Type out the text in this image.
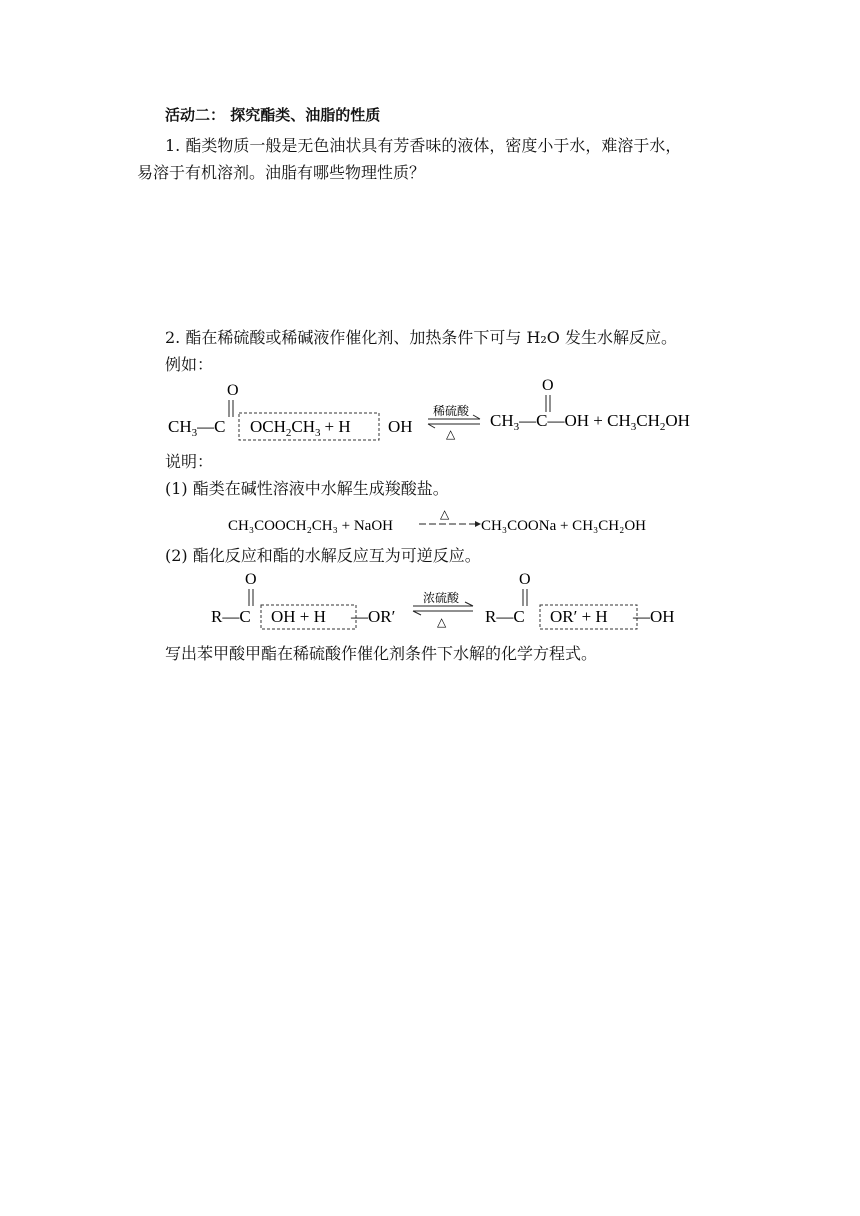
活动二： 探究酯类、油脂的性质
1. 酯类物质一般是无色油状具有芳香味的液体，密度小于水，难溶于水，
易溶于有机溶剂。油脂有哪些物理性质？
2. 酯在稀硫酸或稀碱液作催化剂、加热条件下可与 H₂O 发生水解反应。
例如：
O
$CH_3—C$ $OCH_2CH_3 + H$ OH
稀硫酸
△
O
$CH_3—C—OH + CH_3CH_2OH$
说明：
(1) 酯类在碱性溶液中水解生成羧酸盐。
CH₃COOCH₂CH₃ + NaOH
△
CH₃COONa + CH₃CH₂OH
(2) 酯化反应和酯的水解反应互为可逆反应。
O
R—C OH + H —OR′
浓硫酸
△
O
R—C OR′ + H —OH
写出苯甲酸甲酯在稀硫酸作催化剂条件下水解的化学方程式。
